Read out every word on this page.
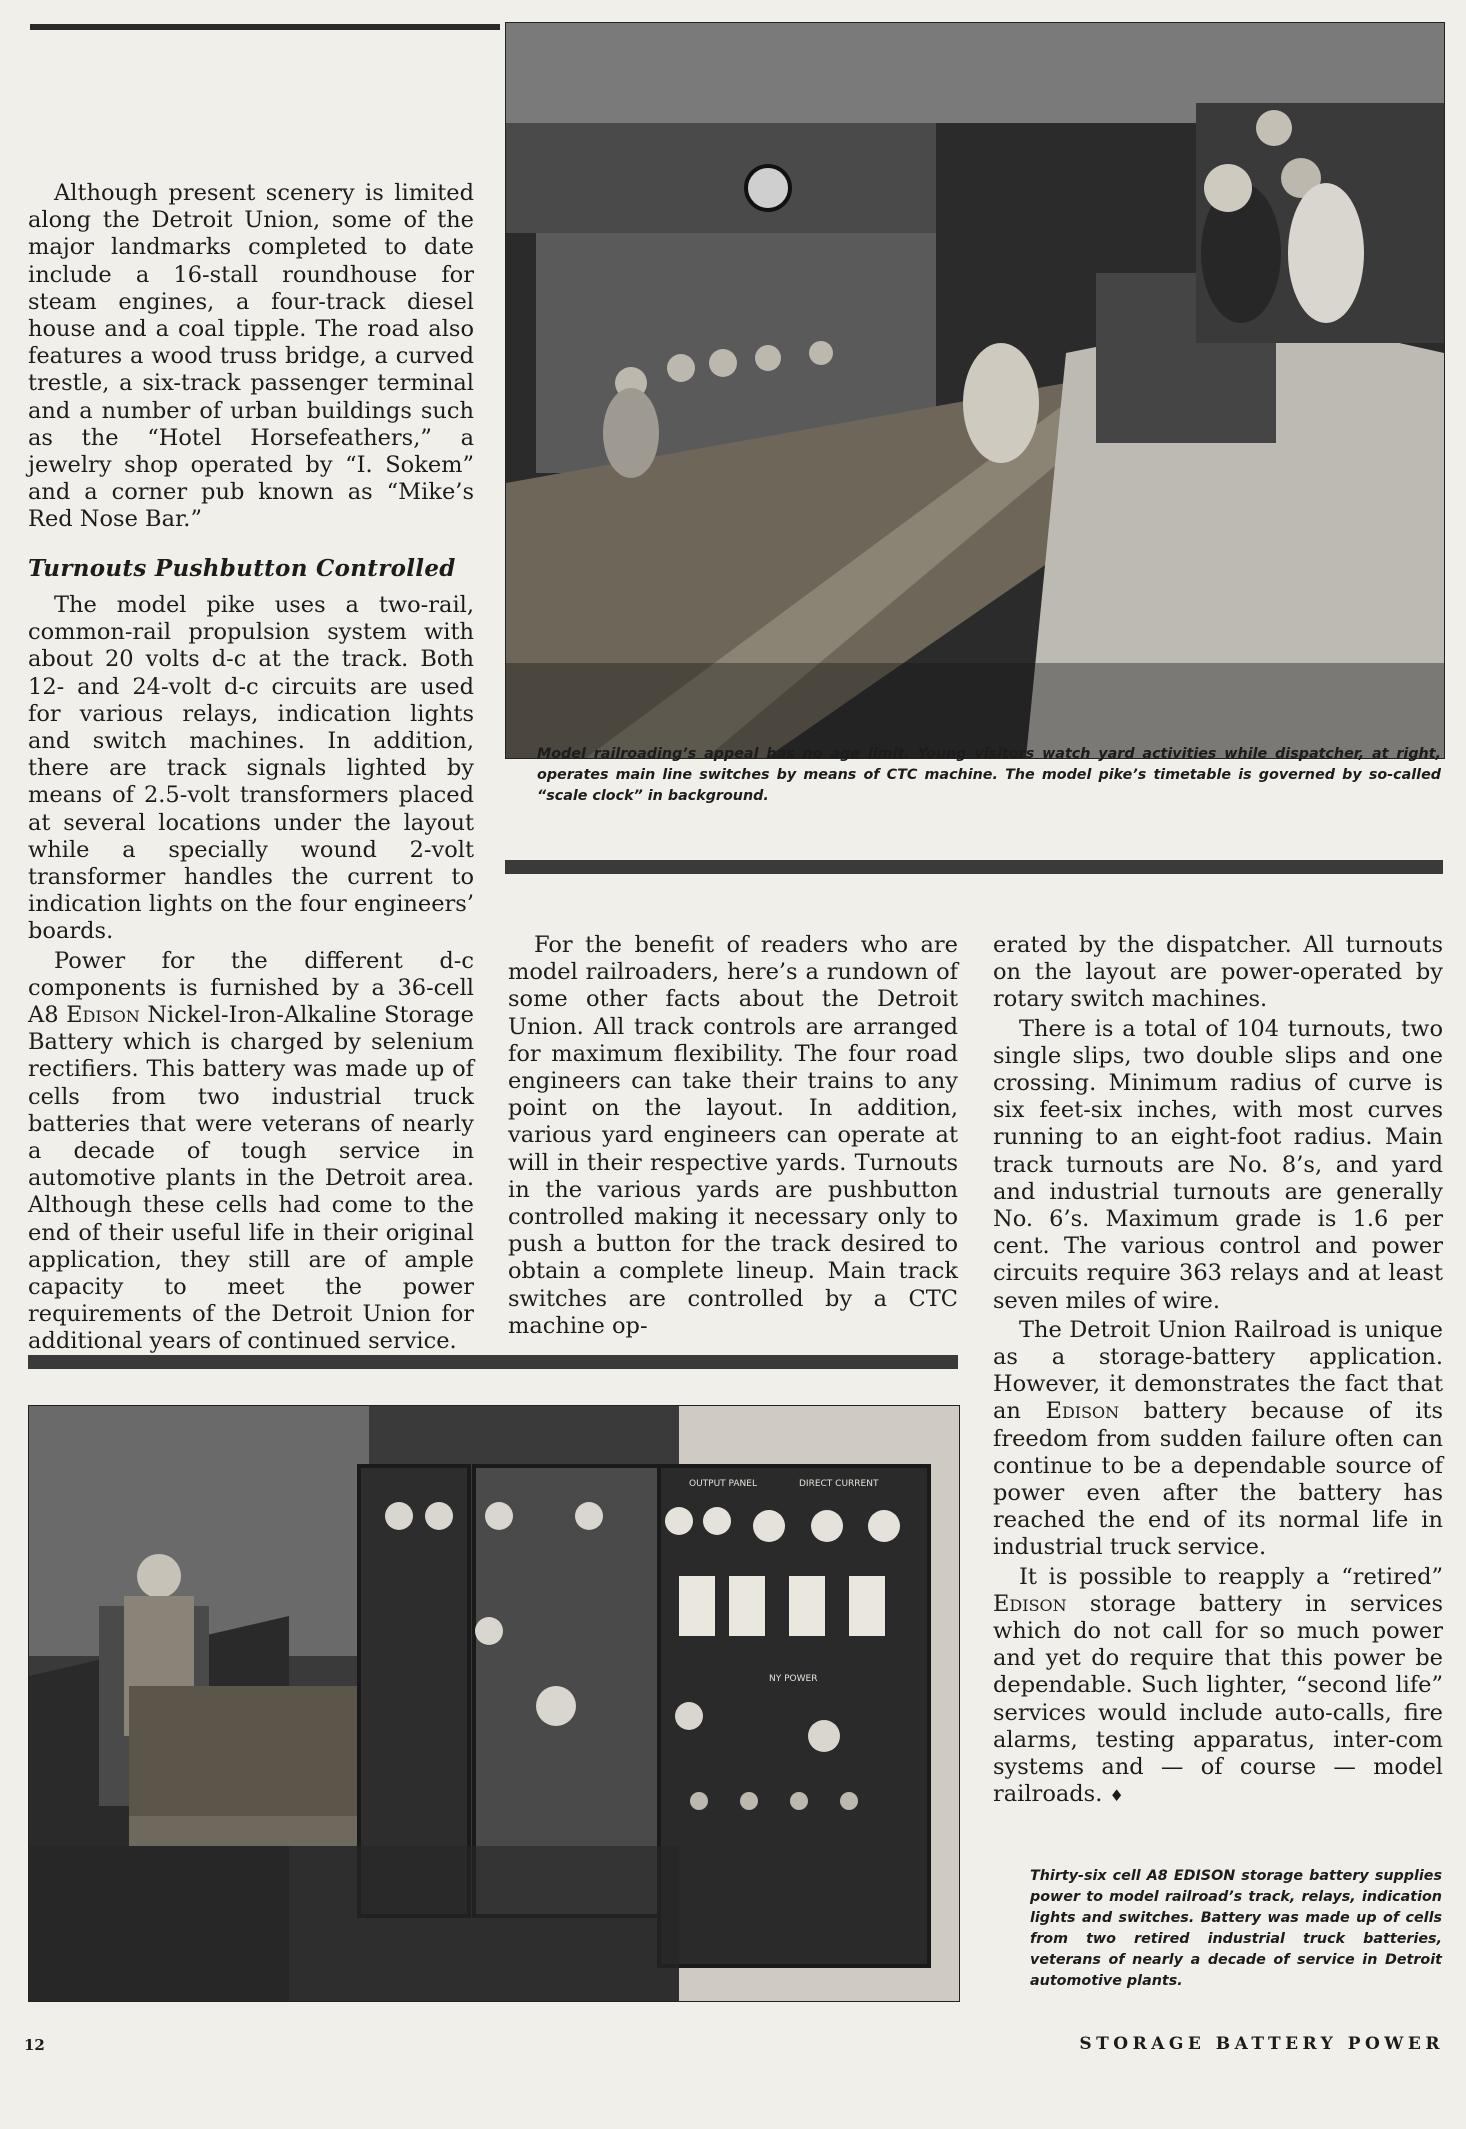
Model railroading’s appeal has no age limit. Young visitors watch yard activities while dispatcher, at right, operates main line switches by means of CTC machine. The model pike’s timetable is governed by so-called “scale clock” in background.

Although present scenery is limited along the Detroit Union, some of the major landmarks completed to date include a 16-stall roundhouse for steam engines, a four-track diesel house and a coal tipple. The road also features a wood truss bridge, a curved trestle, a six-track passenger terminal and a number of urban buildings such as the “Hotel Horsefeathers,” a jewelry shop operated by “I. Sokem” and a corner pub known as “Mike’s Red Nose Bar.”

Turnouts Pushbutton Controlled

The model pike uses a two-rail, common-rail propulsion system with about 20 volts d-c at the track. Both 12- and 24-volt d-c circuits are used for various relays, indication lights and switch machines. In addition, there are track signals lighted by means of 2.5-volt transformers placed at several locations under the layout while a specially wound 2-volt transformer handles the current to indication lights on the four engineers’ boards.

Power for the different d-c components is furnished by a 36-cell A8 Edison Nickel-Iron-Alkaline Storage Battery which is charged by selenium rectifiers. This battery was made up of cells from two industrial truck batteries that were veterans of nearly a decade of tough service in automotive plants in the Detroit area. Although these cells had come to the end of their useful life in their original application, they still are of ample capacity to meet the power requirements of the Detroit Union for additional years of continued service.

For the benefit of readers who are model railroaders, here’s a rundown of some other facts about the Detroit Union. All track controls are arranged for maximum flexibility. The four road engineers can take their trains to any point on the layout. In addition, various yard engineers can operate at will in their respective yards. Turnouts in the various yards are pushbutton controlled making it necessary only to push a button for the track desired to obtain a complete lineup. Main track switches are controlled by a CTC machine op-

erated by the dispatcher. All turnouts on the layout are power-operated by rotary switch machines.

There is a total of 104 turnouts, two single slips, two double slips and one crossing. Minimum radius of curve is six feet-six inches, with most curves running to an eight-foot radius. Main track turnouts are No. 8’s, and yard and industrial turnouts are generally No. 6’s. Maximum grade is 1.6 per cent. The various control and power circuits require 363 relays and at least seven miles of wire.

The Detroit Union Railroad is unique as a storage-battery application. However, it demonstrates the fact that an Edison battery because of its freedom from sudden failure often can continue to be a dependable source of power even after the battery has reached the end of its normal life in industrial truck service.

It is possible to reapply a “retired” Edison storage battery in services which do not call for so much power and yet do require that this power be dependable. Such lighter, “second life” services would include auto-calls, fire alarms, testing apparatus, inter-com systems and — of course — model railroads. ♦

OUTPUT PANEL	DIRECT CURRENT
NY POWER
Thirty-six cell A8 EDISON storage battery supplies power to model railroad’s track, relays, indication lights and switches. Battery was made up of cells from two retired industrial truck batteries, veterans of nearly a decade of service in Detroit automotive plants.
12	STORAGE BATTERY POWER
